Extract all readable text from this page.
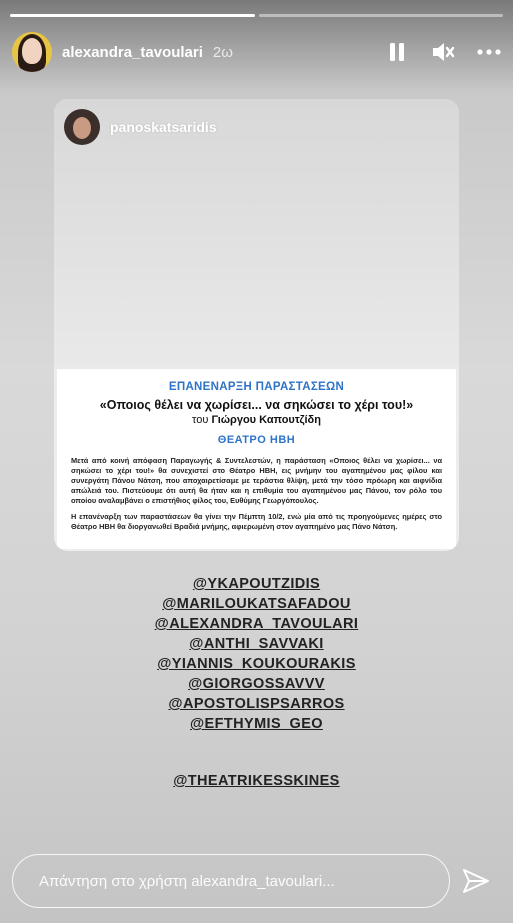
alexandra_tavoulari 2ω
panoskatsaridis
ΕΠΑΝΕΝΑΡΞΗ ΠΑΡΑΣΤΑΣΕΩΝ
«Οποιος θέλει να χωρίσει... να σηκώσει το χέρι του!»
του Γιώργου Καπουτζίδη
ΘΕΑΤΡΟ ΗΒΗ

Μετά από κοινή απόφαση Παραγωγής & Συντελεστών, η παράσταση «Οποιος θέλει να χωρίσει... να σηκώσει το χέρι του!» θα συνεχιστεί στο Θέατρο ΗΒΗ, εις μνήμην του αγαπημένου μας φίλου και συνεργάτη Πάνου Νάτση, που αποχαιρετίσαμε με τεράστια θλίψη, μετά την τόσο πρόωρη και αιφνίδια απώλειά του. Πιστεύουμε ότι αυτή θα ήταν και η επιθυμία του αγαπημένου μας Πάνου, τον ρόλο του οποίου αναλαμβάνει ο επιστήθιος φίλος του, Ευθύμης Γεωργόπουλος.

Η επανέναρξη των παραστάσεων θα γίνει την Πέμπτη 10/2, ενώ μία από τις προηγούμενες ημέρες στο Θέατρο ΗΒΗ θα διοργανωθεί Βραδιά μνήμης, αφιερωμένη στον αγαπημένο μας Πάνο Νάτση.

@YKAPOUTZIDIS
@MARILOUKATSAFADOU
@ALEXANDRA_TAVOULARI
@ANTHI_SAVVAKI
@YIANNIS_KOUKOURAKIS
@GIORGOSSAVVV
@APOSTOLISPSARROS
@EFTHYMIS_GEO
@THEATRIKESSKINES
Απάντηση στο χρήστη alexandra_tavoulari...
